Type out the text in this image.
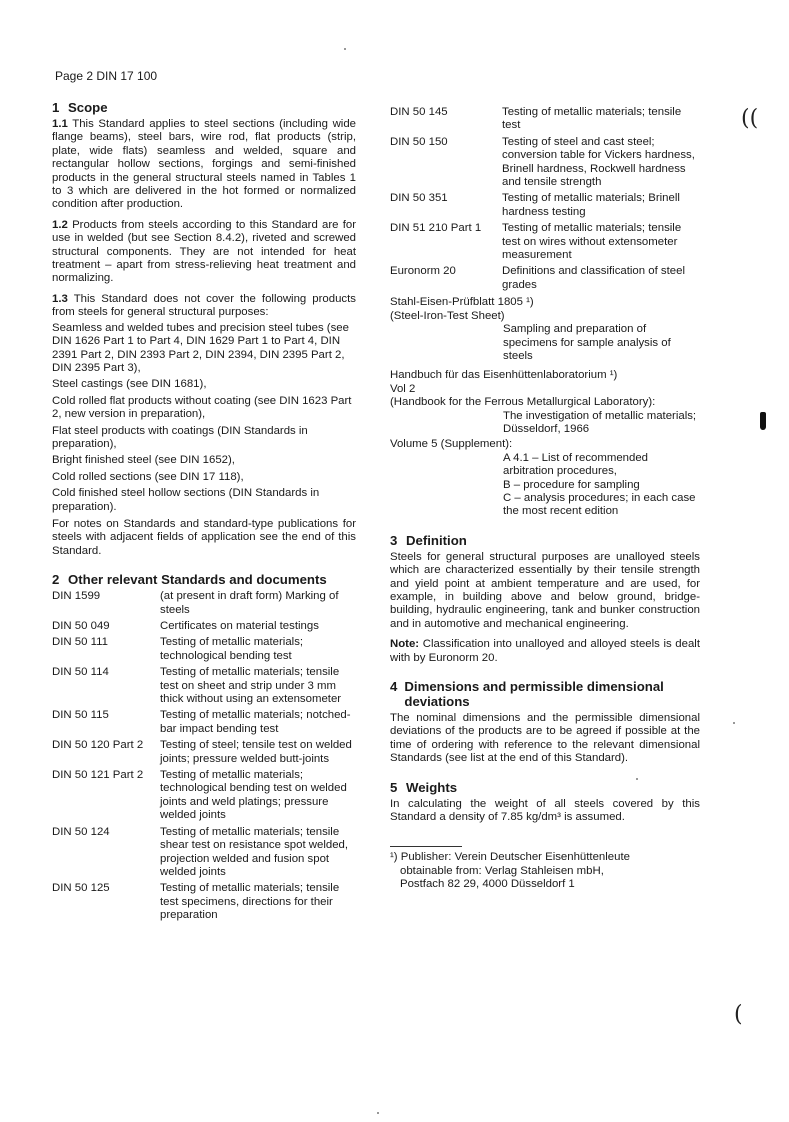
Page 2 DIN 17 100
1 Scope

1.1 This Standard applies to steel sections (including wide flange beams), steel bars, wire rod, flat products (strip, plate, wide flats) seamless and welded, square and rectangular hollow sections, forgings and semi-finished products in the general structural steels named in Tables 1 to 3 which are delivered in the hot formed or normalized condition after production.

1.2 Products from steels according to this Standard are for use in welded (but see Section 8.4.2), riveted and screwed structural components. They are not intended for heat treatment – apart from stress-relieving heat treatment and normalizing.

1.3 This Standard does not cover the following products from steels for general structural purposes:

Seamless and welded tubes and precision steel tubes (see DIN 1626 Part 1 to Part 4, DIN 1629 Part 1 to Part 4, DIN 2391 Part 2, DIN 2393 Part 2, DIN 2394, DIN 2395 Part 2, DIN 2395 Part 3),
Steel castings (see DIN 1681),
Cold rolled flat products without coating (see DIN 1623 Part 2, new version in preparation),
Flat steel products with coatings (DIN Standards in preparation),
Bright finished steel (see DIN 1652),
Cold rolled sections (see DIN 17 118),
Cold finished steel hollow sections (DIN Standards in preparation).

For notes on Standards and standard-type publications for steels with adjacent fields of application see the end of this Standard.

2 Other relevant Standards and documents
DIN 1599	(at present in draft form) Marking of steels
DIN 50 049	Certificates on material testings
DIN 50 111	Testing of metallic materials; technological bending test
DIN 50 114	Testing of metallic materials; tensile test on sheet and strip under 3 mm thick without using an extensometer
DIN 50 115	Testing of metallic materials; notched-bar impact bending test
DIN 50 120 Part 2	Testing of steel; tensile test on welded joints; pressure welded butt-joints
DIN 50 121 Part 2	Testing of metallic materials; technological bending test on welded joints and weld platings; pressure welded joints
DIN 50 124	Testing of metallic materials; tensile shear test on resistance spot welded, projection welded and fusion spot welded joints
DIN 50 125	Testing of metallic materials; tensile test specimens, directions for their preparation
DIN 50 145	Testing of metallic materials; tensile test
DIN 50 150	Testing of steel and cast steel; conversion table for Vickers hardness, Brinell hardness, Rockwell hardness and tensile strength
DIN 50 351	Testing of metallic materials; Brinell hardness testing
DIN 51 210 Part 1	Testing of metallic materials; tensile test on wires without extensometer measurement
Euronorm 20	Definitions and classification of steel grades
Stahl-Eisen-Prüfblatt 1805 ¹)
(Steel-Iron-Test Sheet)
Sampling and preparation of specimens for sample analysis of steels
Handbuch für das Eisenhüttenlaboratorium ¹)
Vol 2
(Handbook for the Ferrous Metallurgical Laboratory):
The investigation of metallic materials; Düsseldorf, 1966
Volume 5 (Supplement):
A 4.1 – List of recommended arbitration procedures,
B – procedure for sampling
C – analysis procedures; in each case the most recent edition
3 Definition

Steels for general structural purposes are unalloyed steels which are characterized essentially by their tensile strength and yield point at ambient temperature and are used, for example, in building above and below ground, bridge-building, hydraulic engineering, tank and bunker construction and in automotive and mechanical engineering.

Note: Classification into unalloyed and alloyed steels is dealt with by Euronorm 20.

4 Dimensions and permissible dimensional deviations

The nominal dimensions and the permissible dimensional deviations of the products are to be agreed if possible at the time of ordering with reference to the relevant dimensional Standards (see list at the end of this Standard).

5 Weights

In calculating the weight of all steels covered by this Standard a density of 7.85 kg/dm³ is assumed.

¹) Publisher: Verein Deutscher Eisenhüttenleute

obtainable from: Verlag Stahleisen mbH,

Postfach 82 29, 4000 Düsseldorf 1

((
(
